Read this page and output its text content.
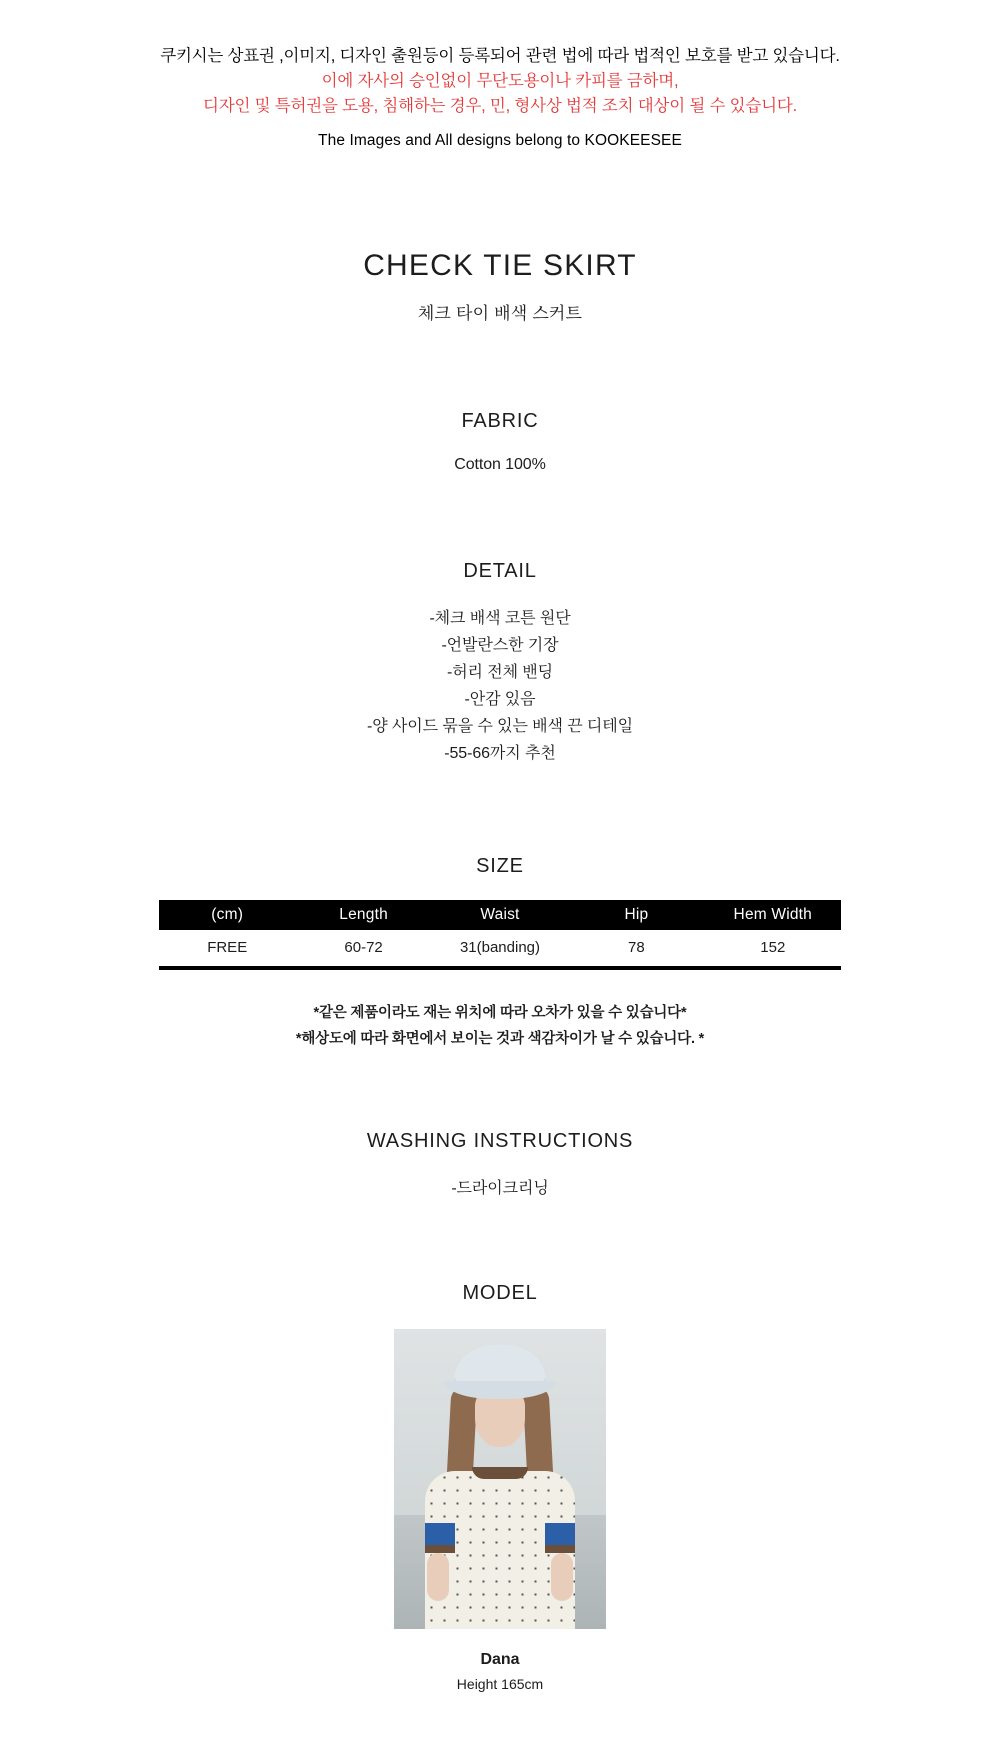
쿠키시는 상표권 ,이미지, 디자인 출원등이 등록되어 관련 법에 따라 법적인 보호를 받고 있습니다.
이에 자사의 승인없이 무단도용이나 카피를 금하며,
디자인 및 특허권을 도용, 침해하는 경우, 민, 형사상 법적 조치 대상이 될 수 있습니다.
The Images and All designs belong to KOOKEESEE
CHECK TIE SKIRT
체크 타이 배색 스커트
FABRIC
Cotton 100%
DETAIL
-체크 배색 코튼 원단
-언발란스한 기장
-허리 전체 밴딩
-안감 있음
-양 사이드 묶을 수 있는 배색 끈 디테일
-55-66까지 추천
SIZE
(cm)	Length	Waist	Hip	Hem Width
FREE	60-72	31(banding)	78	152
*같은 제품이라도 재는 위치에 따라 오차가 있을 수 있습니다*
*해상도에 따라 화면에서 보이는 것과 색감차이가 날 수 있습니다. *
WASHING INSTRUCTIONS
-드라이크리닝
MODEL
Dana
Height 165cm
